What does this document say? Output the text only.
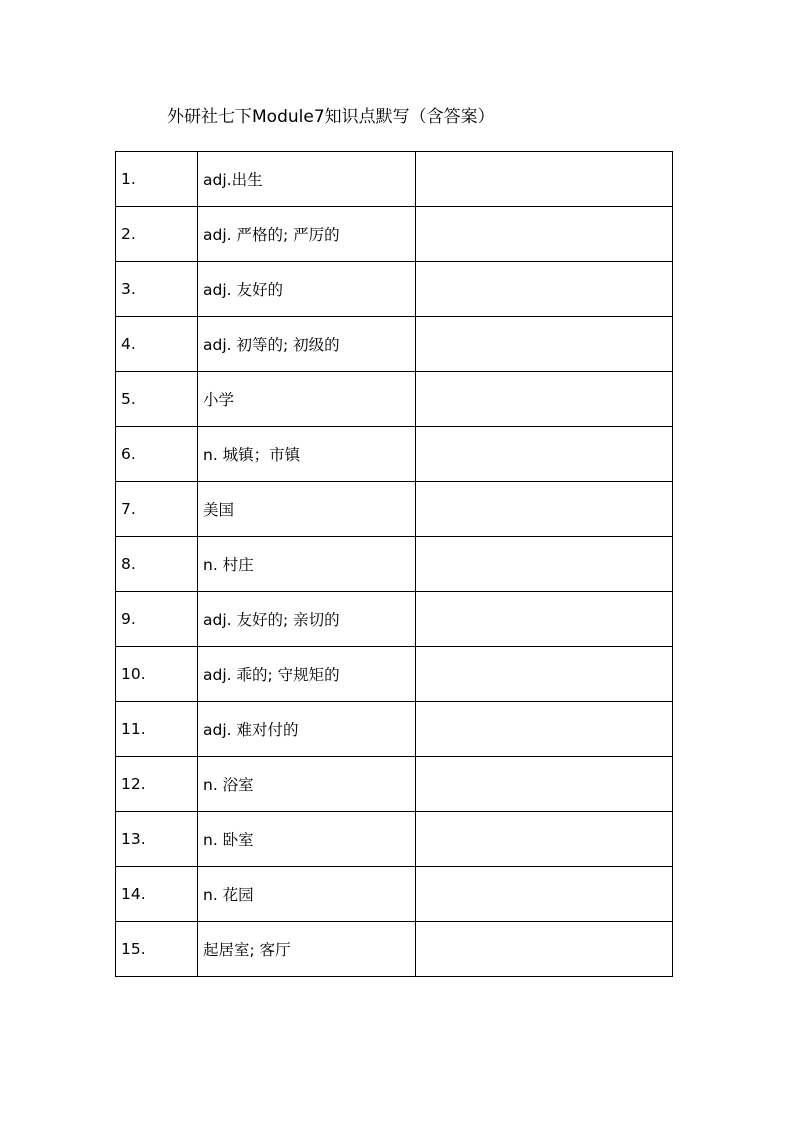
外研社七下Module7知识点默写（含答案）
1.	adj.出生	
2.	adj. 严格的; 严厉的	
3.	adj. 友好的	
4.	adj. 初等的; 初级的	
5.	小学	
6.	n. 城镇；市镇	
7.	美国	
8.	n. 村庄	
9.	adj. 友好的; 亲切的	
10.	adj. 乖的; 守规矩的	
11.	adj. 难对付的	
12.	n. 浴室	
13.	n. 卧室	
14.	n. 花园	
15.	起居室; 客厅	
